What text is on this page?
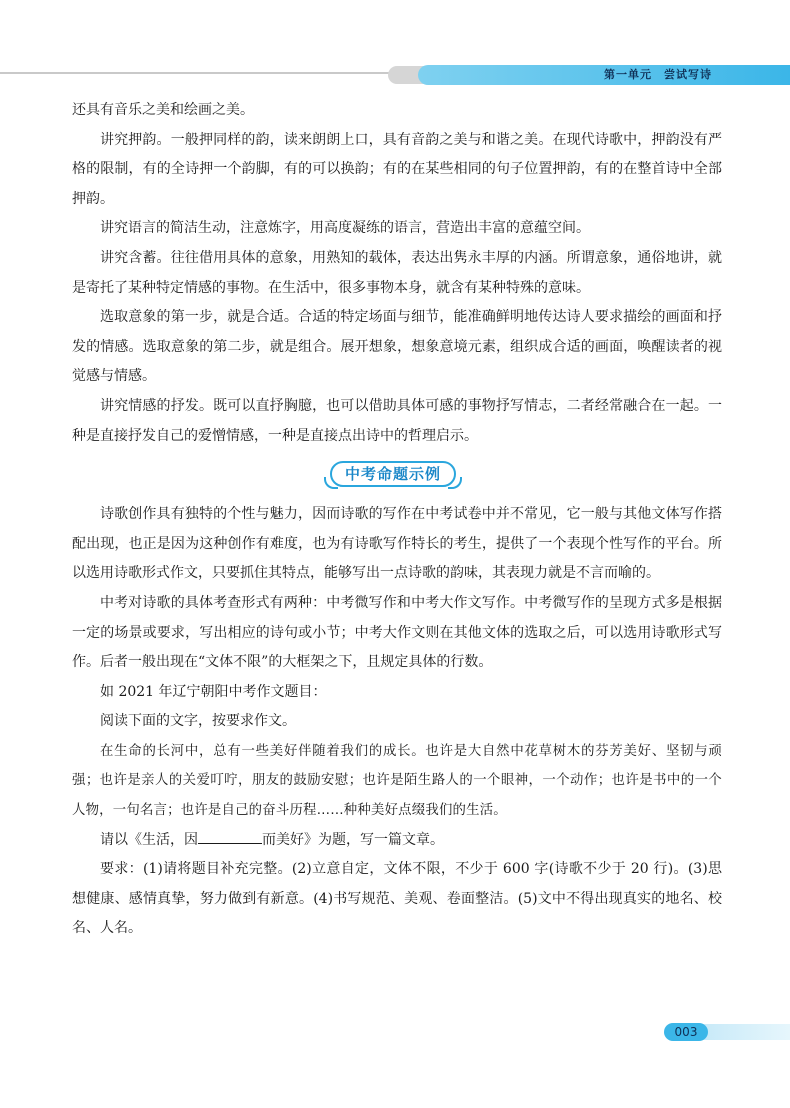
第一单元 尝试写诗

还具有音乐之美和绘画之美。

讲究押韵。一般押同样的韵，读来朗朗上口，具有音韵之美与和谐之美。在现代诗歌中，押韵没有严格的限制，有的全诗押一个韵脚，有的可以换韵；有的在某些相同的句子位置押韵，有的在整首诗中全部押韵。

讲究语言的简洁生动，注意炼字，用高度凝练的语言，营造出丰富的意蕴空间。

讲究含蓄。往往借用具体的意象，用熟知的载体，表达出隽永丰厚的内涵。所谓意象，通俗地讲，就是寄托了某种特定情感的事物。在生活中，很多事物本身，就含有某种特殊的意味。

选取意象的第一步，就是合适。合适的特定场面与细节，能准确鲜明地传达诗人要求描绘的画面和抒发的情感。选取意象的第二步，就是组合。展开想象，想象意境元素，组织成合适的画面，唤醒读者的视觉感与情感。

讲究情感的抒发。既可以直抒胸臆，也可以借助具体可感的事物抒写情志，二者经常融合在一起。一种是直接抒发自己的爱憎情感，一种是直接点出诗中的哲理启示。

中考命题示例

诗歌创作具有独特的个性与魅力，因而诗歌的写作在中考试卷中并不常见，它一般与其他文体写作搭配出现，也正是因为这种创作有难度，也为有诗歌写作特长的考生，提供了一个表现个性写作的平台。所以选用诗歌形式作文，只要抓住其特点，能够写出一点诗歌的韵味，其表现力就是不言而喻的。

中考对诗歌的具体考查形式有两种：中考微写作和中考大作文写作。中考微写作的呈现方式多是根据一定的场景或要求，写出相应的诗句或小节；中考大作文则在其他文体的选取之后，可以选用诗歌形式写作。后者一般出现在“文体不限”的大框架之下，且规定具体的行数。

如 2021 年辽宁朝阳中考作文题目：

阅读下面的文字，按要求作文。

在生命的长河中，总有一些美好伴随着我们的成长。也许是大自然中花草树木的芬芳美好、坚韧与顽强；也许是亲人的关爱叮咛，朋友的鼓励安慰；也许是陌生路人的一个眼神，一个动作；也许是书中的一个人物，一句名言；也许是自己的奋斗历程……种种美好点缀我们的生活。

请以《生活，因	而美好》为题，写一篇文章。

要求：(1)请将题目补充完整。(2)立意自定，文体不限，不少于 600 字(诗歌不少于 20 行)。(3)思想健康、感情真挚，努力做到有新意。(4)书写规范、美观、卷面整洁。(5)文中不得出现真实的地名、校名、人名。

003
